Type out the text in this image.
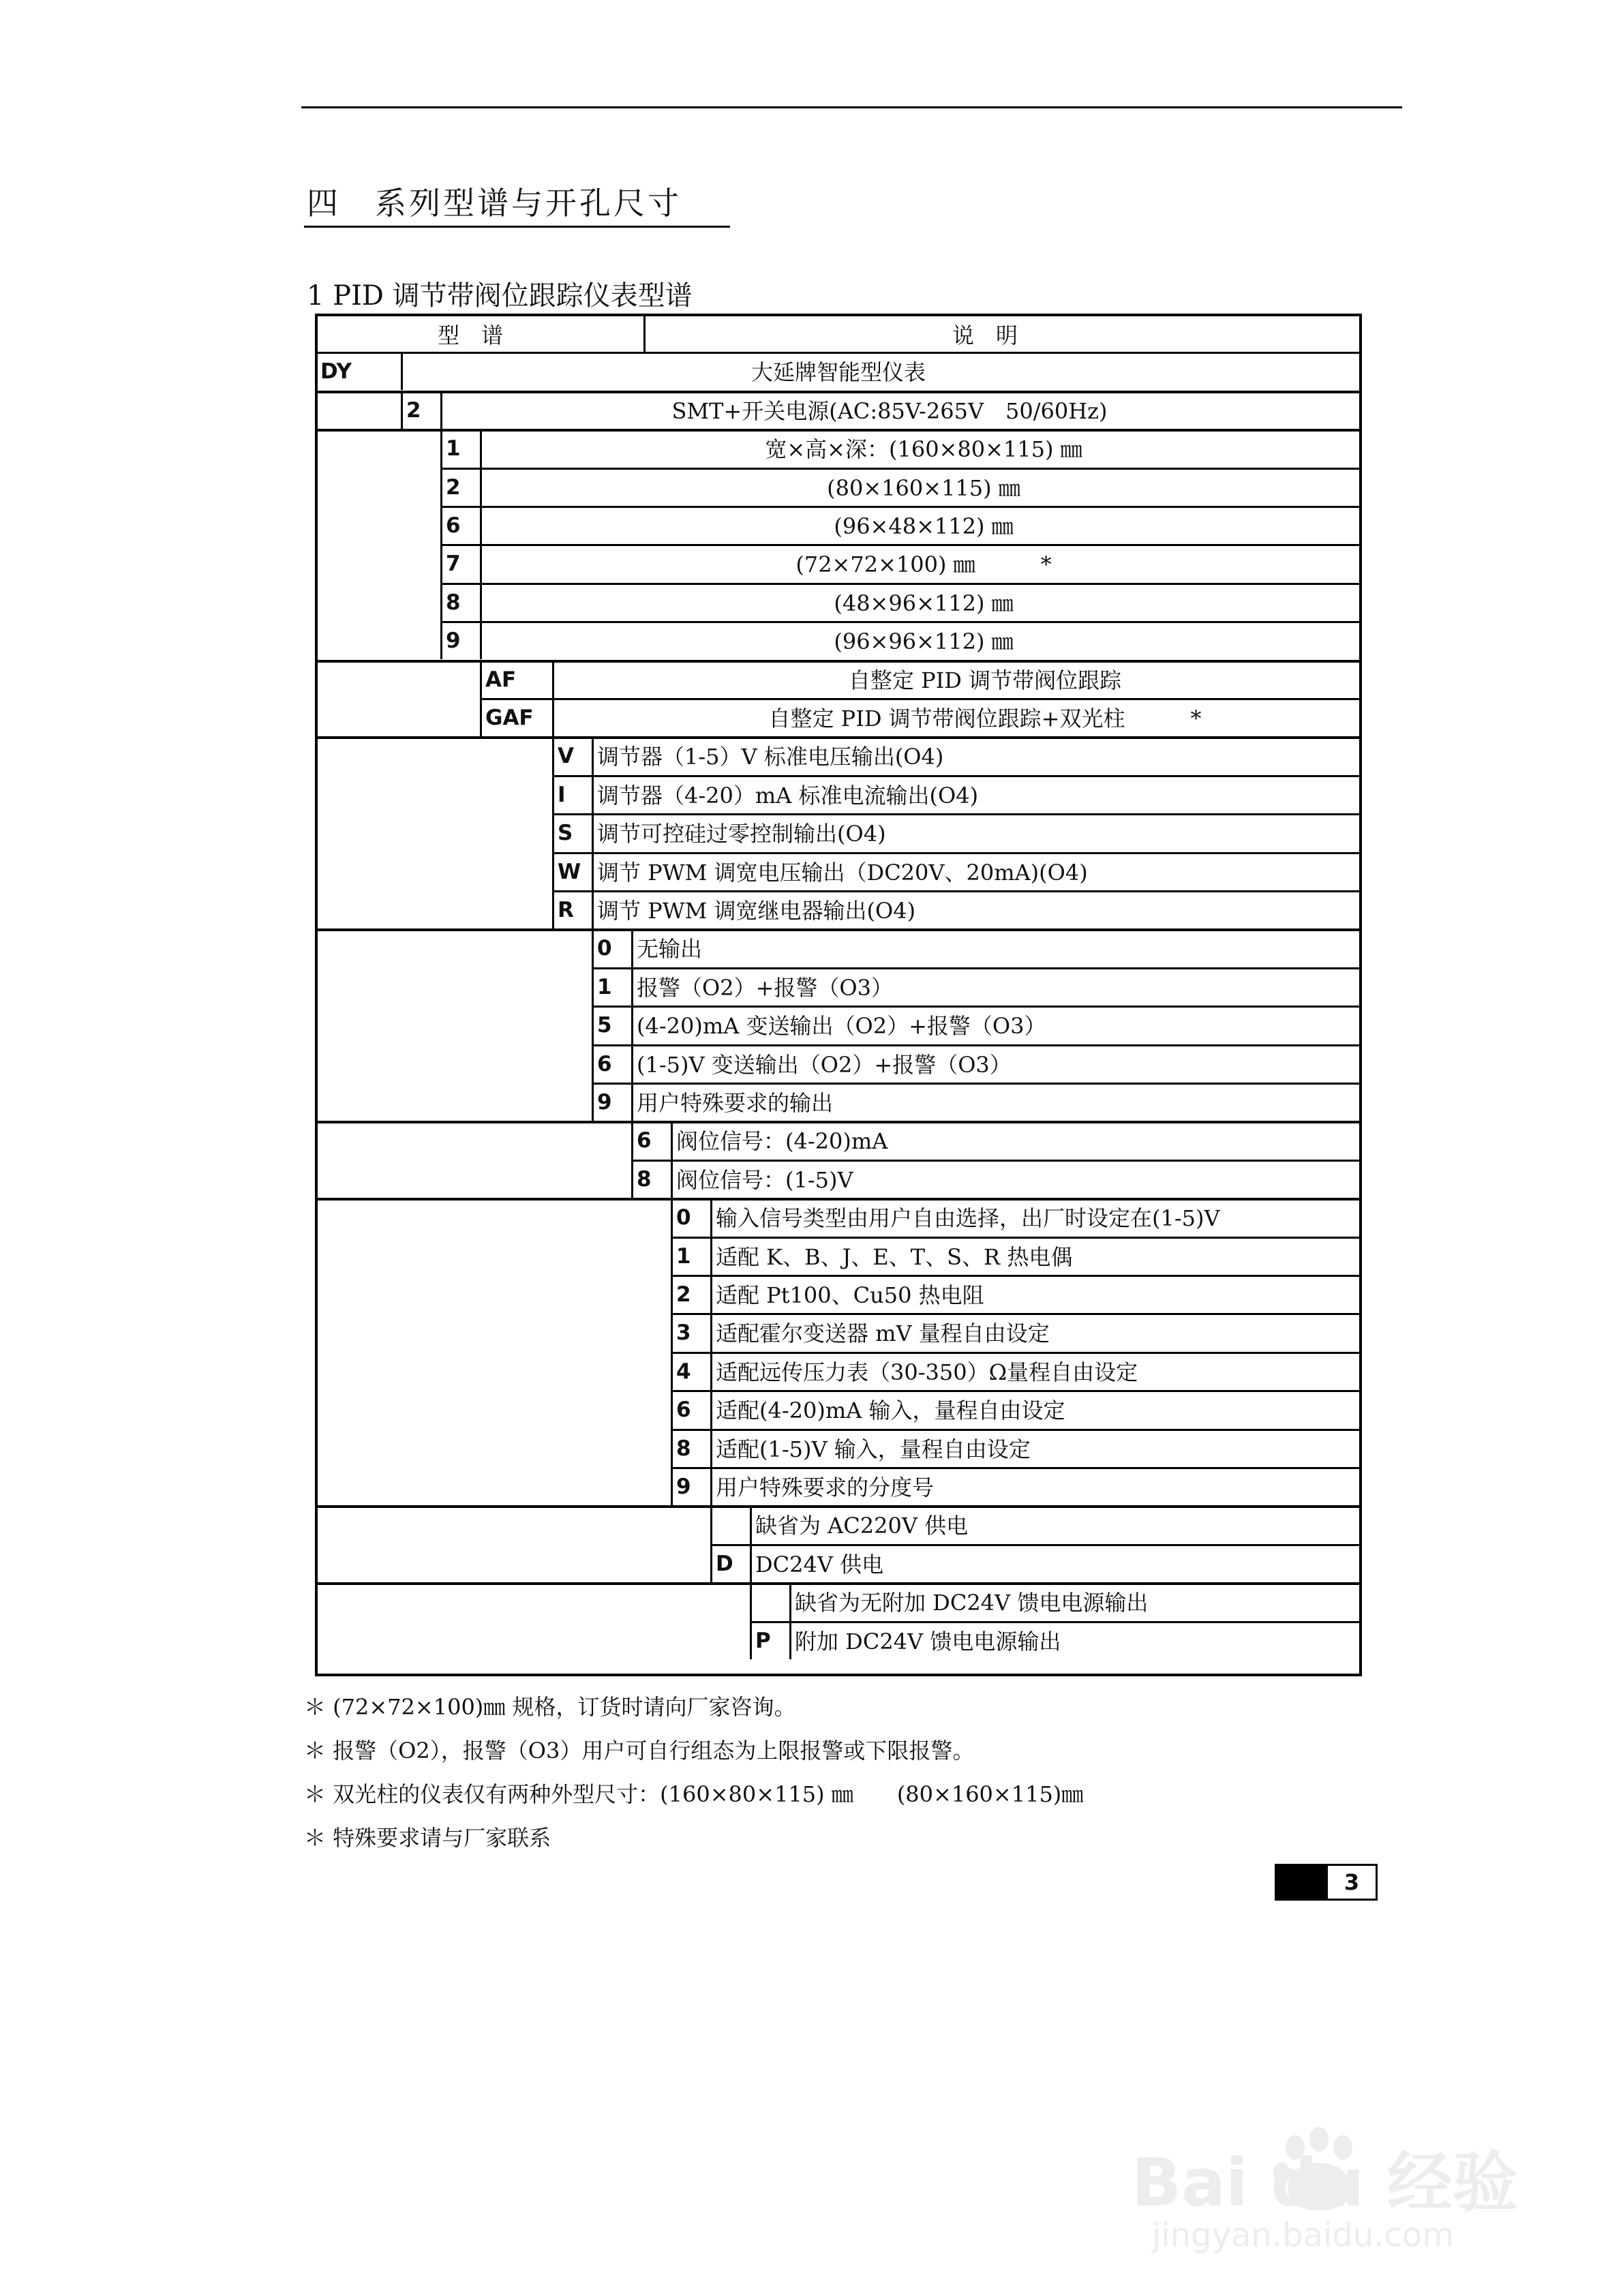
四　系列型谱与开孔尺寸
1 PID 调节带阀位跟踪仪表型谱
型　谱	说　明
DY	大延牌智能型仪表
2	SMT+开关电源(AC:85V-265V　50/60Hz)
1	宽×高×深：(160×80×115) ㎜
2	(80×160×115) ㎜
6	(96×48×112) ㎜
7	(72×72×100) ㎜　　　*
8	(48×96×112) ㎜
9	(96×96×112) ㎜
AF	自整定 PID 调节带阀位跟踪
GAF	自整定 PID 调节带阀位跟踪+双光柱　　　*
V 调节器（1-5）V 标准电压输出(O4)
I 调节器（4-20）mA 标准电流输出(O4)
S 调节可控硅过零控制输出(O4)
W 调节 PWM 调宽电压输出（DC20V、20mA)(O4)
R 调节 PWM 调宽继电器输出(O4)
0 无输出
1 报警（O2）+报警（O3）
5 (4-20)mA 变送输出（O2）+报警（O3）
6 (1-5)V 变送输出（O2）+报警（O3）
9 用户特殊要求的输出
6 阀位信号：(4-20)mA
8 阀位信号：(1-5)V
0 输入信号类型由用户自由选择，出厂时设定在(1-5)V
1 适配 K、B、J、E、T、S、R 热电偶
2 适配 Pt100、Cu50 热电阻
3 适配霍尔变送器 mV 量程自由设定
4 适配远传压力表（30-350）Ω量程自由设定
6 适配(4-20)mA 输入，量程自由设定
8 适配(1-5)V 输入，量程自由设定
9 用户特殊要求的分度号
缺省为 AC220V 供电
D DC24V 供电
缺省为无附加 DC24V 馈电电源输出
P 附加 DC24V 馈电电源输出
＊ (72×72×100)㎜ 规格，订货时请向厂家咨询。
＊ 报警（O2），报警（O3）用户可自行组态为上限报警或下限报警。
＊ 双光柱的仪表仅有两种外型尺寸：(160×80×115) ㎜　　(80×160×115)㎜
＊ 特殊要求请与厂家联系
3
Bai du 经验
jingyan.baidu.com
